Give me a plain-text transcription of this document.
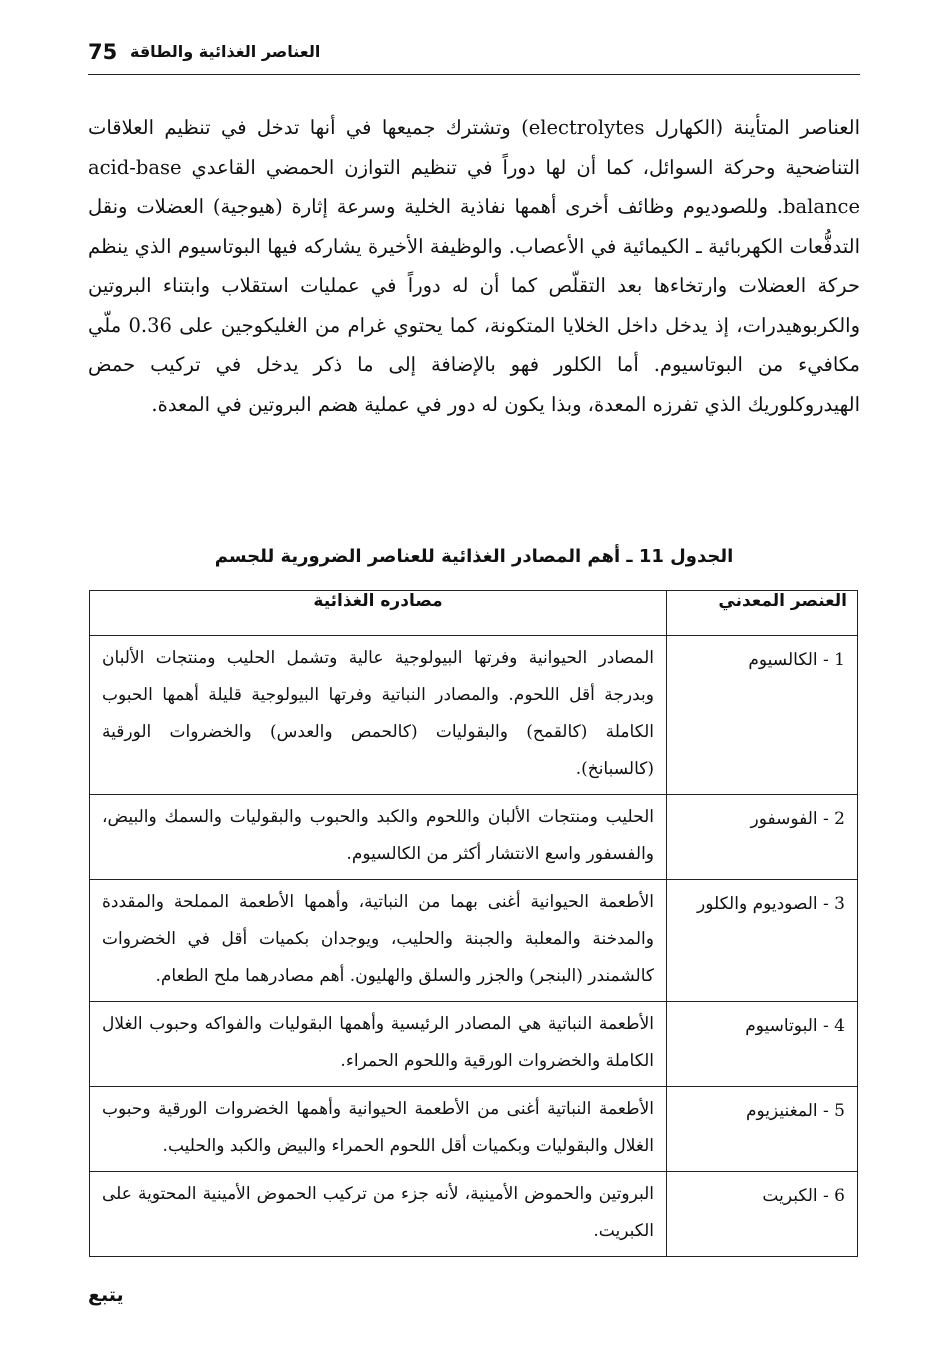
75 العناصر الغذائية والطاقة

العناصر المتأينة (الكهارل electrolytes) وتشترك جميعها في أنها تدخل في تنظيم العلاقات التناضحية وحركة السوائل، كما أن لها دوراً في تنظيم التوازن الحمضي القاعدي acid-base balance. وللصوديوم وظائف أخرى أهمها نفاذية الخلية وسرعة إثارة (هيوجية) العضلات ونقل التدفُّعات الكهربائية ـ الكيمائية في الأعصاب. والوظيفة الأخيرة يشاركه فيها البوتاسيوم الذي ينظم حركة العضلات وارتخاءها بعد التقلّص كما أن له دوراً في عمليات استقلاب وابتناء البروتين والكربوهيدرات، إذ يدخل داخل الخلايا المتكونة، كما يحتوي غرام من الغليكوجين على 0.36 ملّي مكافيء من البوتاسيوم. أما الكلور فهو بالإضافة إلى ما ذكر يدخل في تركيب حمض الهيدروكلوريك الذي تفرزه المعدة، وبذا يكون له دور في عملية هضم البروتين في المعدة.

الجدول 11 ـ أهم المصادر الغذائية للعناصر الضرورية للجسم
العنصر المعدني	مصادره الغذائية
1 - الكالسيوم	المصادر الحيوانية وفرتها البيولوجية عالية وتشمل الحليب ومنتجات الألبان وبدرجة أقل اللحوم. والمصادر النباتية وفرتها البيولوجية قليلة أهمها الحبوب الكاملة (كالقمح) والبقوليات (كالحمص والعدس) والخضروات الورقية (كالسبانخ).
2 - الفوسفور	الحليب ومنتجات الألبان واللحوم والكبد والحبوب والبقوليات والسمك والبيض، والفسفور واسع الانتشار أكثر من الكالسيوم.
3 - الصوديوم والكلور	الأطعمة الحيوانية أغنى بهما من النباتية، وأهمها الأطعمة المملحة والمقددة والمدخنة والمعلبة والجبنة والحليب، ويوجدان بكميات أقل في الخضروات كالشمندر (البنجر) والجزر والسلق والهليون. أهم مصادرهما ملح الطعام.
4 - البوتاسيوم	الأطعمة النباتية هي المصادر الرئيسية وأهمها البقوليات والفواكه وحبوب الغلال الكاملة والخضروات الورقية واللحوم الحمراء.
5 - المغنيزيوم	الأطعمة النباتية أغنى من الأطعمة الحيوانية وأهمها الخضروات الورقية وحبوب الغلال والبقوليات وبكميات أقل اللحوم الحمراء والبيض والكبد والحليب.
6 - الكبريت	البروتين والحموض الأمينية، لأنه جزء من تركيب الحموض الأمينية المحتوية على الكبريت.
يتبع
